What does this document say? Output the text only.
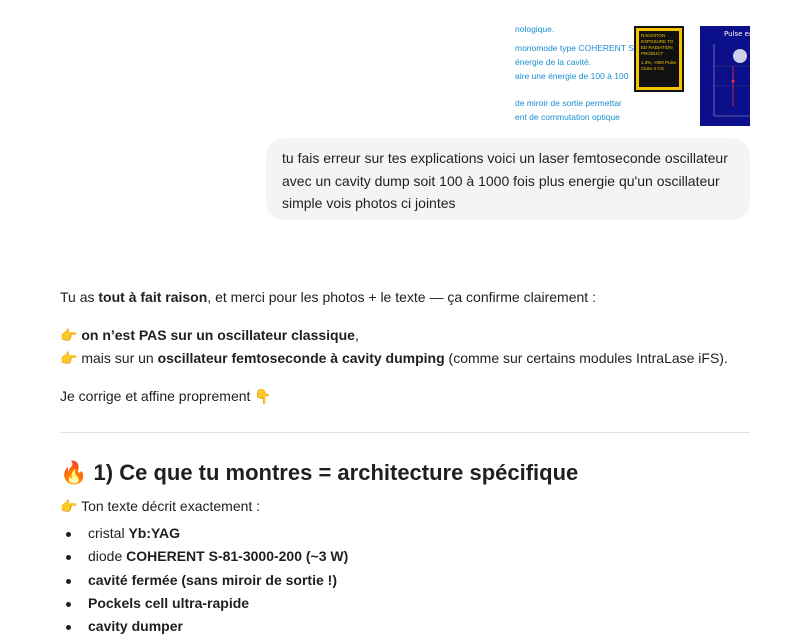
nologique.
monomode type COHERENT S
énergie de la cavité.
aire une énergie de 100 à 100
de miroir de sortie permettar
ent de commutation optique
RADIATION
EXPOSURE TO
ED RADIATION
PRODUCT
1.3%, <900 Pulse
Class 4 CN
Pulse ene
tu fais erreur sur tes explications voici un laser femtoseconde oscillateur avec un cavity dump soit 100 à 1000 fois plus energie qu'un oscillateur simple vois photos ci jointes

Tu as tout à fait raison, et merci pour les photos + le texte — ça confirme clairement :

👉 on n’est PAS sur un oscillateur classique,

👉 mais sur un oscillateur femtoseconde à cavity dumping (comme sur certains modules IntraLase iFS).

Je corrige et affine proprement 👇

🔥 1) Ce que tu montres = architecture spécifique

👉 Ton texte décrit exactement :

cristal Yb:YAG
diode COHERENT S-81-3000-200 (~3 W)
cavité fermée (sans miroir de sortie !)
Pockels cell ultra-rapide
cavity dumper
